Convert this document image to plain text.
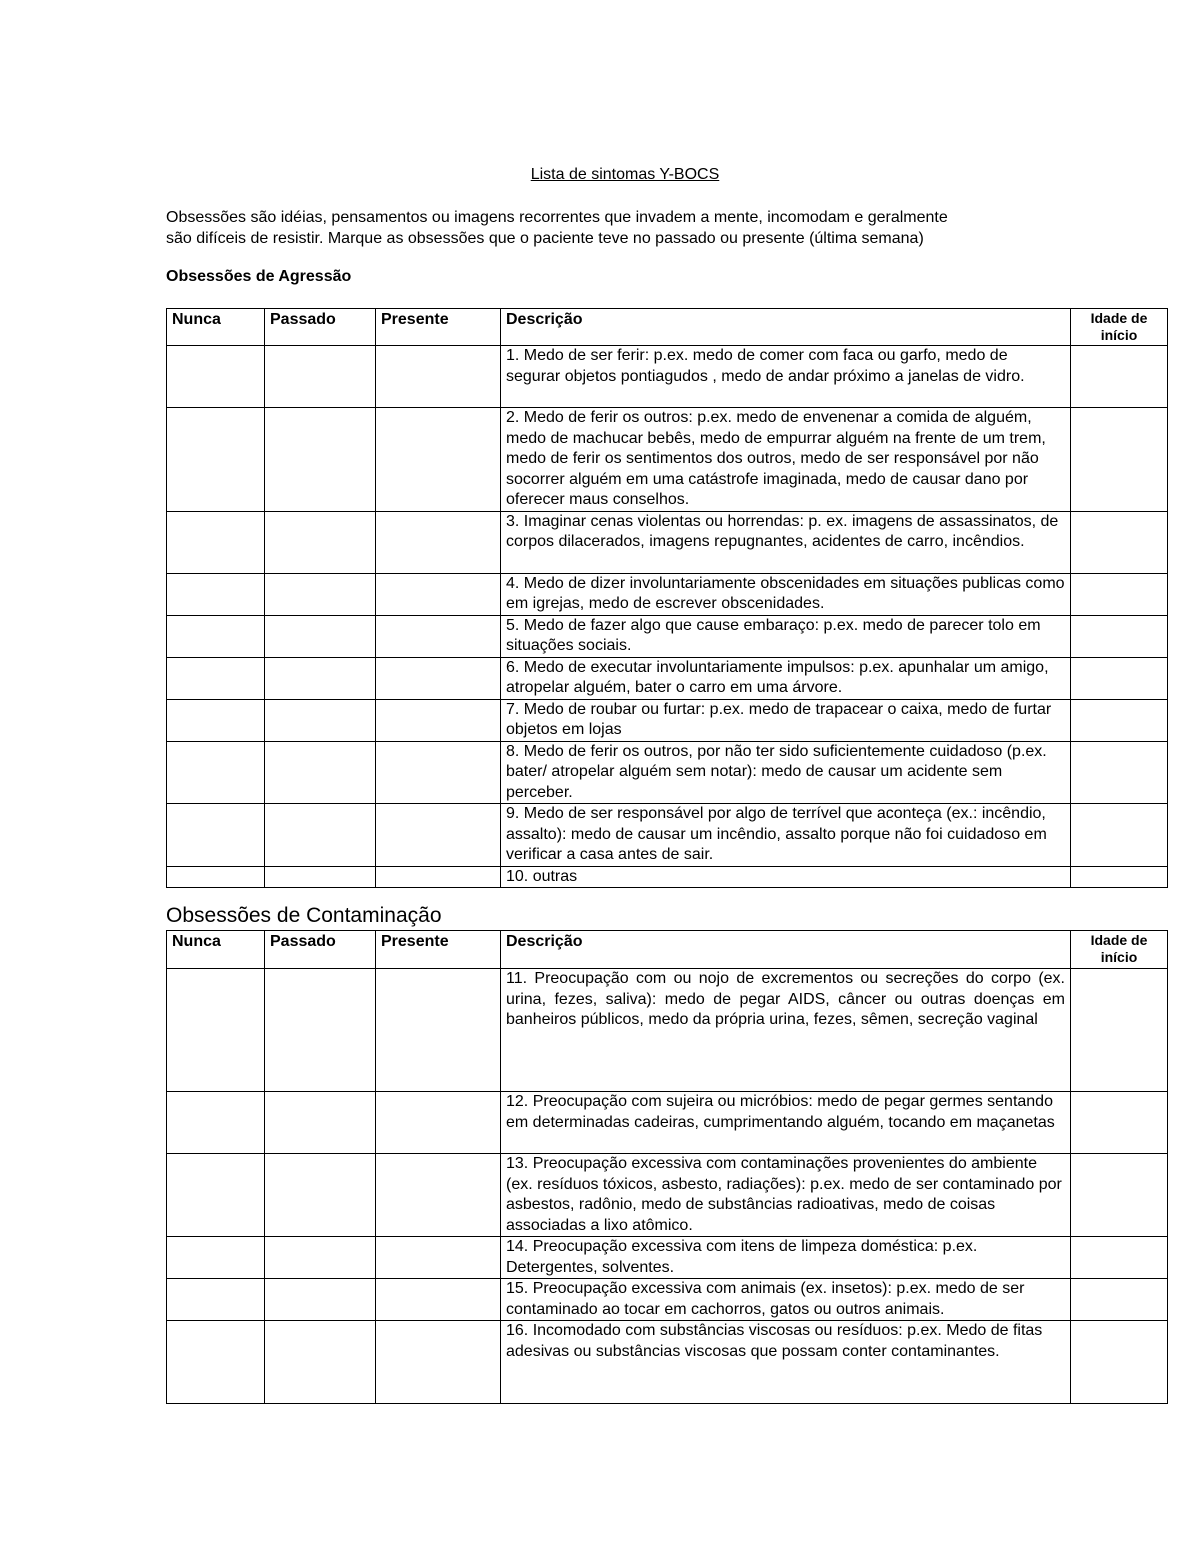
Lista de sintomas Y-BOCS
Obsessões são idéias, pensamentos ou imagens recorrentes que invadem a mente, incomodam e geralmente
são difíceis de resistir. Marque as obsessões que o paciente teve no passado ou presente (última semana)
Obsessões de Agressão
Nunca	Passado	Presente	Descrição	Idade de
início

			1. Medo de ser ferir: p.ex. medo de comer com faca ou garfo, medo de segurar objetos pontiagudos , medo de andar próximo a janelas de vidro.	
			2. Medo de ferir os outros: p.ex. medo de envenenar a comida de alguém, medo de machucar bebês, medo de empurrar alguém na frente de um trem, medo de ferir os sentimentos dos outros, medo de ser responsável por não socorrer alguém em uma catástrofe imaginada, medo de causar dano por oferecer maus conselhos.	
			3. Imaginar cenas violentas ou horrendas: p. ex. imagens de assassinatos, de corpos dilacerados, imagens repugnantes, acidentes de carro, incêndios.	
			4. Medo de dizer involuntariamente obscenidades em situações publicas como em igrejas, medo de escrever obscenidades.	
			5. Medo de fazer algo que cause embaraço: p.ex. medo de parecer tolo em situações sociais.	
			6. Medo de executar involuntariamente impulsos: p.ex. apunhalar um amigo, atropelar alguém, bater o carro em uma árvore.	
			7. Medo de roubar ou furtar: p.ex. medo de trapacear o caixa, medo de furtar objetos em lojas	
			8. Medo de ferir os outros, por não ter sido suficientemente cuidadoso (p.ex. bater/ atropelar alguém sem notar): medo de causar um acidente sem perceber.	
			9. Medo de ser responsável por algo de terrível que aconteça (ex.: incêndio, assalto): medo de causar um incêndio, assalto porque não foi cuidadoso em verificar a casa antes de sair.	
			10. outras	
Obsessões de Contaminação
Nunca	Passado	Presente	Descrição	Idade de
início

			11. Preocupação com ou nojo de excrementos ou secreções do corpo (ex. urina, fezes, saliva): medo de pegar AIDS, câncer ou outras doenças em banheiros públicos, medo da própria urina, fezes, sêmen, secreção vaginal	
			12. Preocupação com sujeira ou micróbios: medo de pegar germes sentando em determinadas cadeiras, cumprimentando alguém, tocando em maçanetas	
			13. Preocupação excessiva com contaminações provenientes do ambiente (ex. resíduos tóxicos, asbesto, radiações): p.ex. medo de ser contaminado por asbestos, radônio, medo de substâncias radioativas, medo de coisas associadas a lixo atômico.	
			14. Preocupação excessiva com itens de limpeza doméstica: p.ex. Detergentes, solventes.	
			15. Preocupação excessiva com animais (ex. insetos): p.ex. medo de ser contaminado ao tocar em cachorros, gatos ou outros animais.	
			16. Incomodado com substâncias viscosas ou resíduos: p.ex. Medo de fitas adesivas ou substâncias viscosas que possam conter contaminantes.	
